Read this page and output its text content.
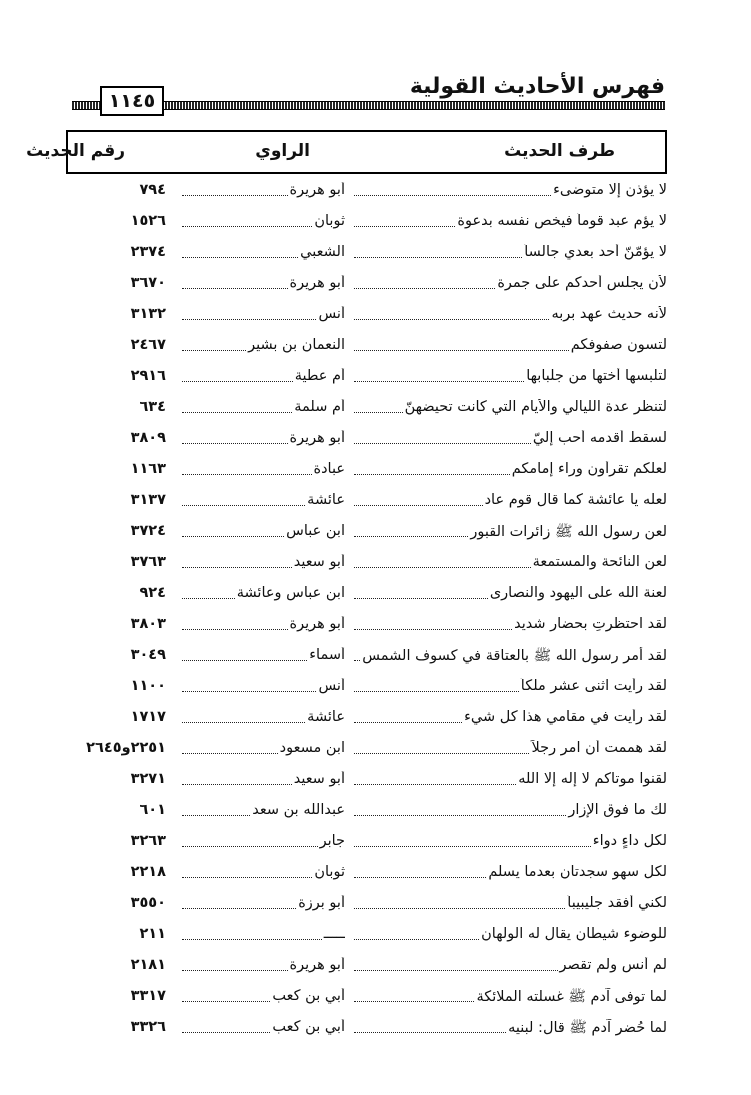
فهرس الأحاديث القولية
١١٤٥
طرف الحديث
الراوي
رقم الحديث
لا يؤذن إلا متوضىء
أبو هريرة
٧٩٤
لا يؤم عبد قوماً فيخص نفسه بدعوة
ثوبان
١٥٢٦
لا يؤمّنّ أحد بعدي جالساً
الشعبي
٢٣٧٤
لأن يجلس أحدكم على جمرة
أبو هريرة
٣٦٧٠
لأنه حديث عهد بربه
أنس
٣١٣٢
لتسون صفوفكم
النعمان بن بشير
٢٤٦٧
لتلبسها أختها من جلبابها
أم عطية
٢٩١٦
لتنظر عدة الليالي والأيام التي كانت تحيضهنّ
أم سلمة
٦٣٤
لسقط أقدمه أحب إليّ
أبو هريرة
٣٨٠٩
لعلكم تقرأون وراء إمامكم
عبادة
١١٦٣
لعله يا عائشة كما قال قوم عاد
عائشة
٣١٣٧
لعن رسول الله ﷺ زائرات القبور
ابن عباس
٣٧٢٤
لعن النائحة والمستمعة
أبو سعيد
٣٧٦٣
لعنة الله على اليهود والنصارى
ابن عباس وعائشة
٩٢٤
لقد احتظرتِ بحضار شديد
أبو هريرة
٣٨٠٣
لقد أمر رسول الله ﷺ بالعتاقة في كسوف الشمس
أسماء
٣٠٤٩
لقد رأيت اثنى عشر ملكاً
أنس
١١٠٠
لقد رأيت في مقامي هذا كل شيء
عائشة
١٧١٧
لقد هممت أن آمر رجلاً
ابن مسعود
٢٢٥١و٢٦٤٥
لقنوا موتاكم لا إله إلا الله
أبو سعيد
٣٢٧١
لك ما فوق الإزار
عبدالله بن سعد
٦٠١
لكل داءٍ دواء
جابر
٣٢٦٣
لكل سهو سجدتان بعدما يسلم
ثوبان
٢٢١٨
لكني أفقد جليبيباً
أبو برزة
٣٥٥٠
للوضوء شيطان يقال له الولهان
ـــــ
٢١١
لم أنس ولم تقصر
أبو هريرة
٢١٨١
لما توفى آدم ﷺ غسلته الملائكة
أبي بن كعب
٣٣١٧
لما حُضر آدم ﷺ قال: لبنيه
أبي بن كعب
٣٣٢٦
